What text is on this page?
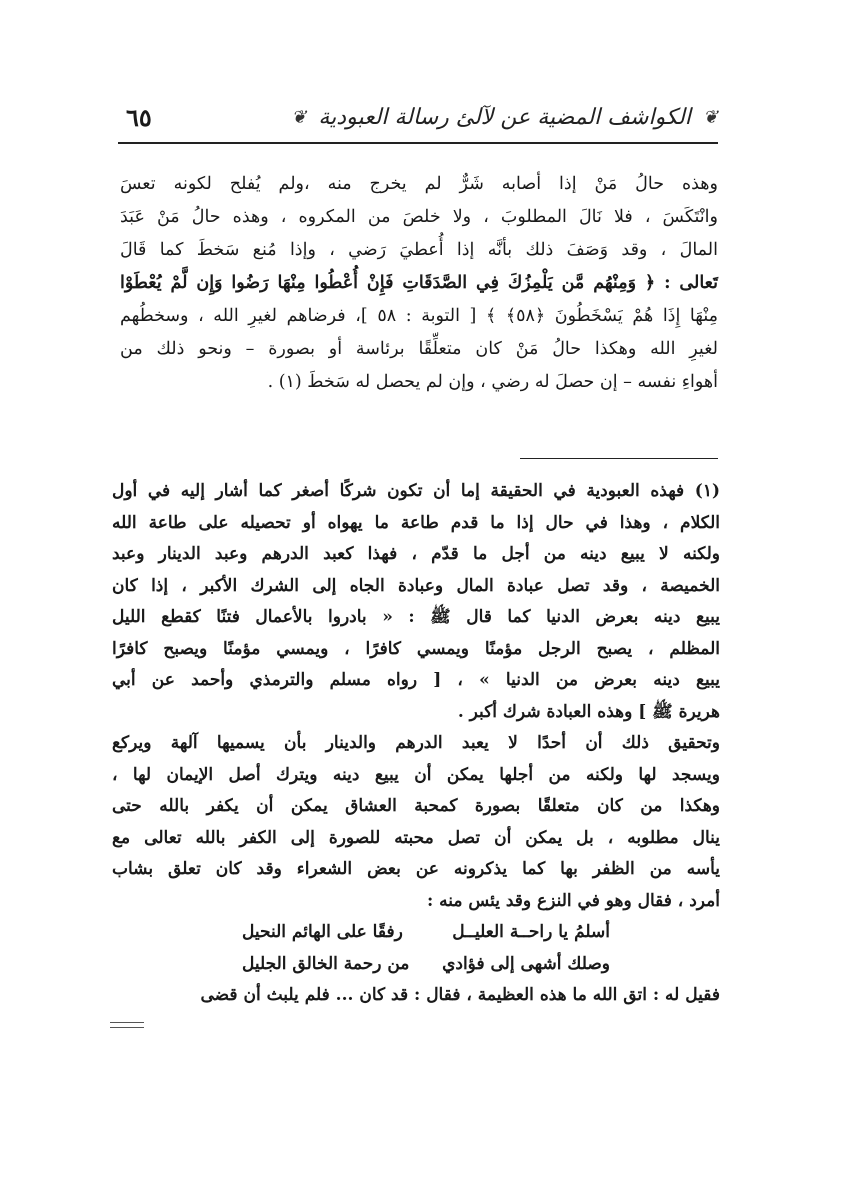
❦
الكواشف المضية عن لآلئ رسالة العبودية
❦
٦٥
وهذه حالُ مَنْ إذا أصابه شَرٌّ لم يخرج منه ،ولم يُفلح لكونه تعسَ
وانْتَكَسَ ، فلا نَالَ المطلوبَ ، ولا خلصَ من المكروه ، وهذه حالُ مَنْ عَبَدَ
المالَ ، وقد وَصَفَ ذلك بأنَّه إذا أُعطيَ رَضي ، وإذا مُنع سَخطَ كما قَالَ
تَعالى : ﴿ وَمِنْهُم مَّن يَلْمِزُكَ فِي الصَّدَقَاتِ فَإِنْ أُعْطُوا مِنْهَا رَضُوا وَإِن لَّمْ يُعْطَوْا
مِنْهَا إِذَا هُمْ يَسْخَطُونَ ﴿٥٨﴾ ﴾ [ التوبة : ٥٨ ]، فرضاهم لغيرِ الله ، وسخطُهم
لغيرِ الله وهكذا حالُ مَنْ كان متعلِّقًا برئاسة أو بصورة – ونحو ذلك من
أهواءِ نفسه – إن حصلَ له رضي ، وإن لم يحصل له سَخطَ (١) .
(١) فهذه العبودية في الحقيقة إما أن تكون شركًا أصغر كما أشار إليه في أول
الكلام ، وهذا في حال إذا ما قدم طاعة ما يهواه أو تحصيله على طاعة الله
ولكنه لا يبيع دينه من أجل ما قدّم ، فهذا كعبد الدرهم وعبد الدينار وعبد
الخميصة ، وقد تصل عبادة المال وعبادة الجاه إلى الشرك الأكبر ، إذا كان
يبيع دينه بعرض الدنيا كما قال ﷺ : « بادروا بالأعمال فتنًا كقطع الليل
المظلم ، يصبح الرجل مؤمنًا ويمسي كافرًا ، ويمسي مؤمنًا ويصبح كافرًا
يبيع دينه بعرض من الدنيا » ، [ رواه مسلم والترمذي وأحمد عن أبي
هريرة ﷺ ] وهذه العبادة شرك أكبر .
وتحقيق ذلك أن أحدًا لا يعبد الدرهم والدينار بأن يسميها آلهة ويركع
ويسجد لها ولكنه من أجلها يمكن أن يبيع دينه ويترك أصل الإيمان لها ،
وهكذا من كان متعلقًا بصورة كمحبة العشاق يمكن أن يكفر بالله حتى
ينال مطلوبه ، بل يمكن أن تصل محبته للصورة إلى الكفر بالله تعالى مع
يأسه من الظفر بها كما يذكرونه عن بعض الشعراء وقد كان تعلق بشاب
أمرد ، فقال وهو في النزع وقد يئس منه :
أسلمُ يا راحــة العليــل
رفقًا على الهائم النحيل
وصلك أشهى إلى فؤادي
من رحمة الخالق الجليل
فقيل له : اتق الله ما هذه العظيمة ، فقال : قد كان ... فلم يلبث أن قضى
